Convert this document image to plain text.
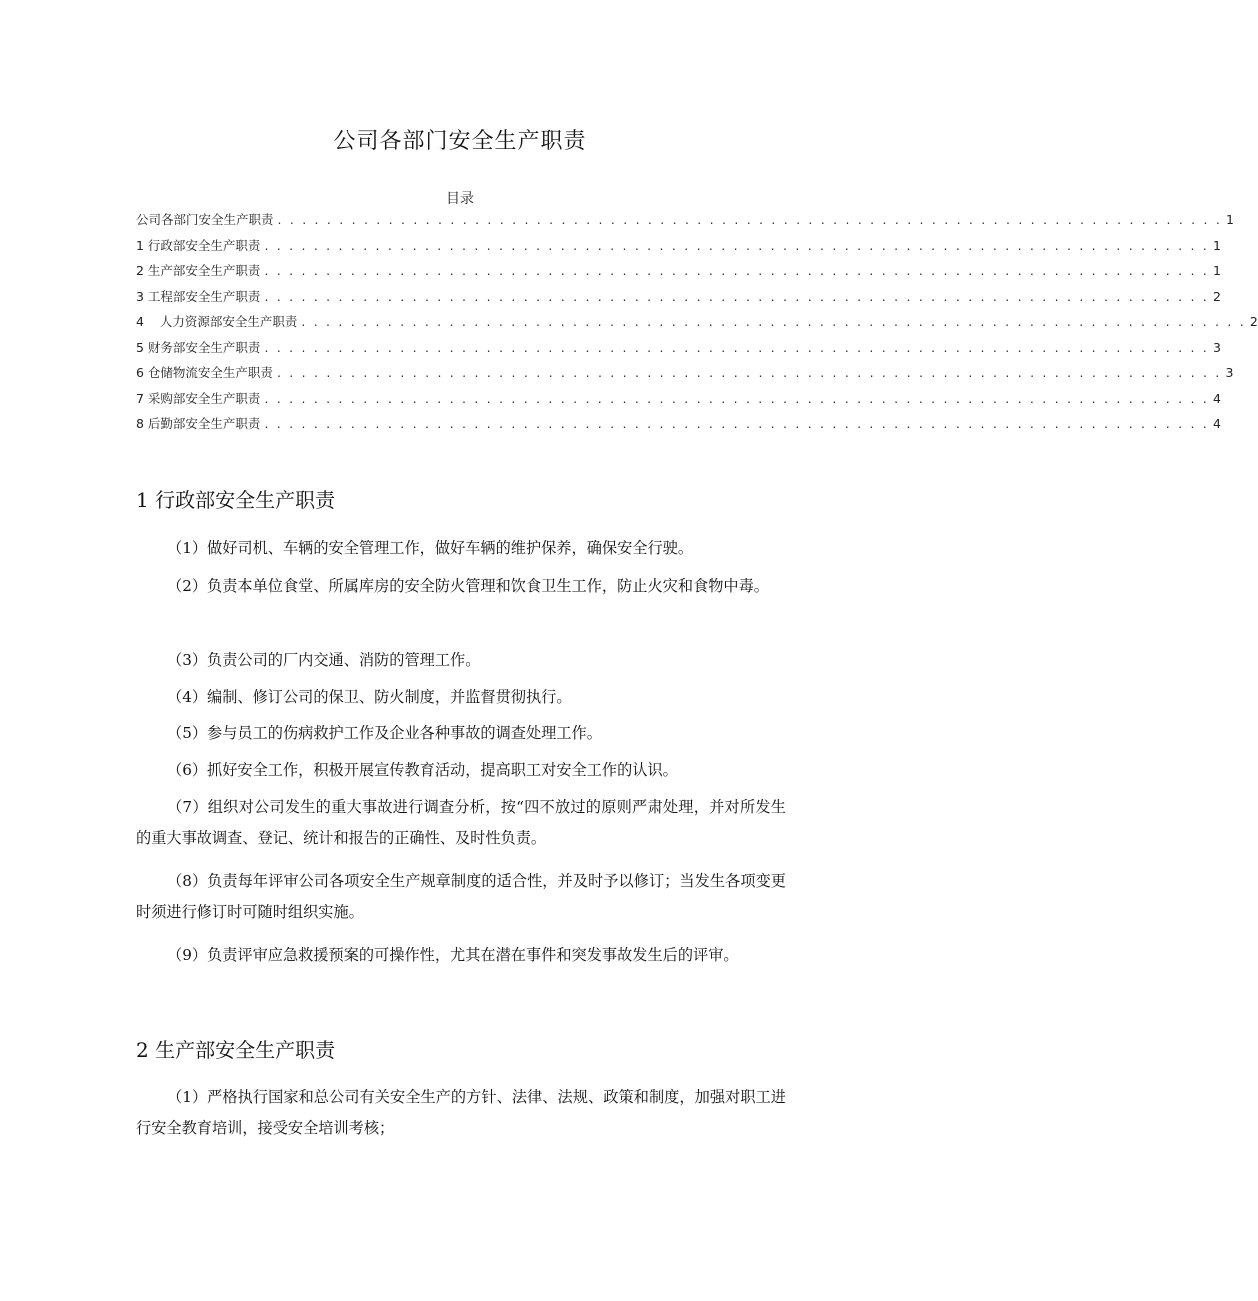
公司各部门安全生产职责
目录
公司各部门安全生产职责 . . . . . . . . . . . . . . . . . . . . . . . . . . . . . . . . . . . . . . . . . . . . . . . . . . . . . . . . . . . . . . . . . . . . . . . . . . . . . 1
1 行政部安全生产职责 . . . . . . . . . . . . . . . . . . . . . . . . . . . . . . . . . . . . . . . . . . . . . . . . . . . . . . . . . . . . . . . . . . . . . . . . . . . . . 1
2 生产部安全生产职责 . . . . . . . . . . . . . . . . . . . . . . . . . . . . . . . . . . . . . . . . . . . . . . . . . . . . . . . . . . . . . . . . . . . . . . . . . . . . . 1
3 工程部安全生产职责 . . . . . . . . . . . . . . . . . . . . . . . . . . . . . . . . . . . . . . . . . . . . . . . . . . . . . . . . . . . . . . . . . . . . . . . . . . . . . 2
4    人力资源部安全生产职责 . . . . . . . . . . . . . . . . . . . . . . . . . . . . . . . . . . . . . . . . . . . . . . . . . . . . . . . . . . . . . . . . . . . . . . . . . . . . . 2
5 财务部安全生产职责 . . . . . . . . . . . . . . . . . . . . . . . . . . . . . . . . . . . . . . . . . . . . . . . . . . . . . . . . . . . . . . . . . . . . . . . . . . . . . 3
6 仓储物流安全生产职责 . . . . . . . . . . . . . . . . . . . . . . . . . . . . . . . . . . . . . . . . . . . . . . . . . . . . . . . . . . . . . . . . . . . . . . . . . . . . . 3
7 采购部安全生产职责 . . . . . . . . . . . . . . . . . . . . . . . . . . . . . . . . . . . . . . . . . . . . . . . . . . . . . . . . . . . . . . . . . . . . . . . . . . . . . 4
8 后勤部安全生产职责 . . . . . . . . . . . . . . . . . . . . . . . . . . . . . . . . . . . . . . . . . . . . . . . . . . . . . . . . . . . . . . . . . . . . . . . . . . . . . 4
1 行政部安全生产职责

（1）做好司机、车辆的安全管理工作，做好车辆的维护保养，确保安全行驶。

（2）负责本单位食堂、所属库房的安全防火管理和饮食卫生工作，防止火灾和食物中毒。

（3）负责公司的厂内交通、消防的管理工作。

（4）编制、修订公司的保卫、防火制度，并监督贯彻执行。

（5）参与员工的伤病救护工作及企业各种事故的调查处理工作。

（6）抓好安全工作，积极开展宣传教育活动，提高职工对安全工作的认识。

（7）组织对公司发生的重大事故进行调查分析，按“四不放过的原则严肃处理，并对所发生的重大事故调查、登记、统计和报告的正确性、及时性负责。

（8）负责每年评审公司各项安全生产规章制度的适合性，并及时予以修订；当发生各项变更时须进行修订时可随时组织实施。

（9）负责评审应急救援预案的可操作性，尤其在潜在事件和突发事故发生后的评审。

2 生产部安全生产职责

（1）严格执行国家和总公司有关安全生产的方针、法律、法规、政策和制度，加强对职工进行安全教育培训，接受安全培训考核；
